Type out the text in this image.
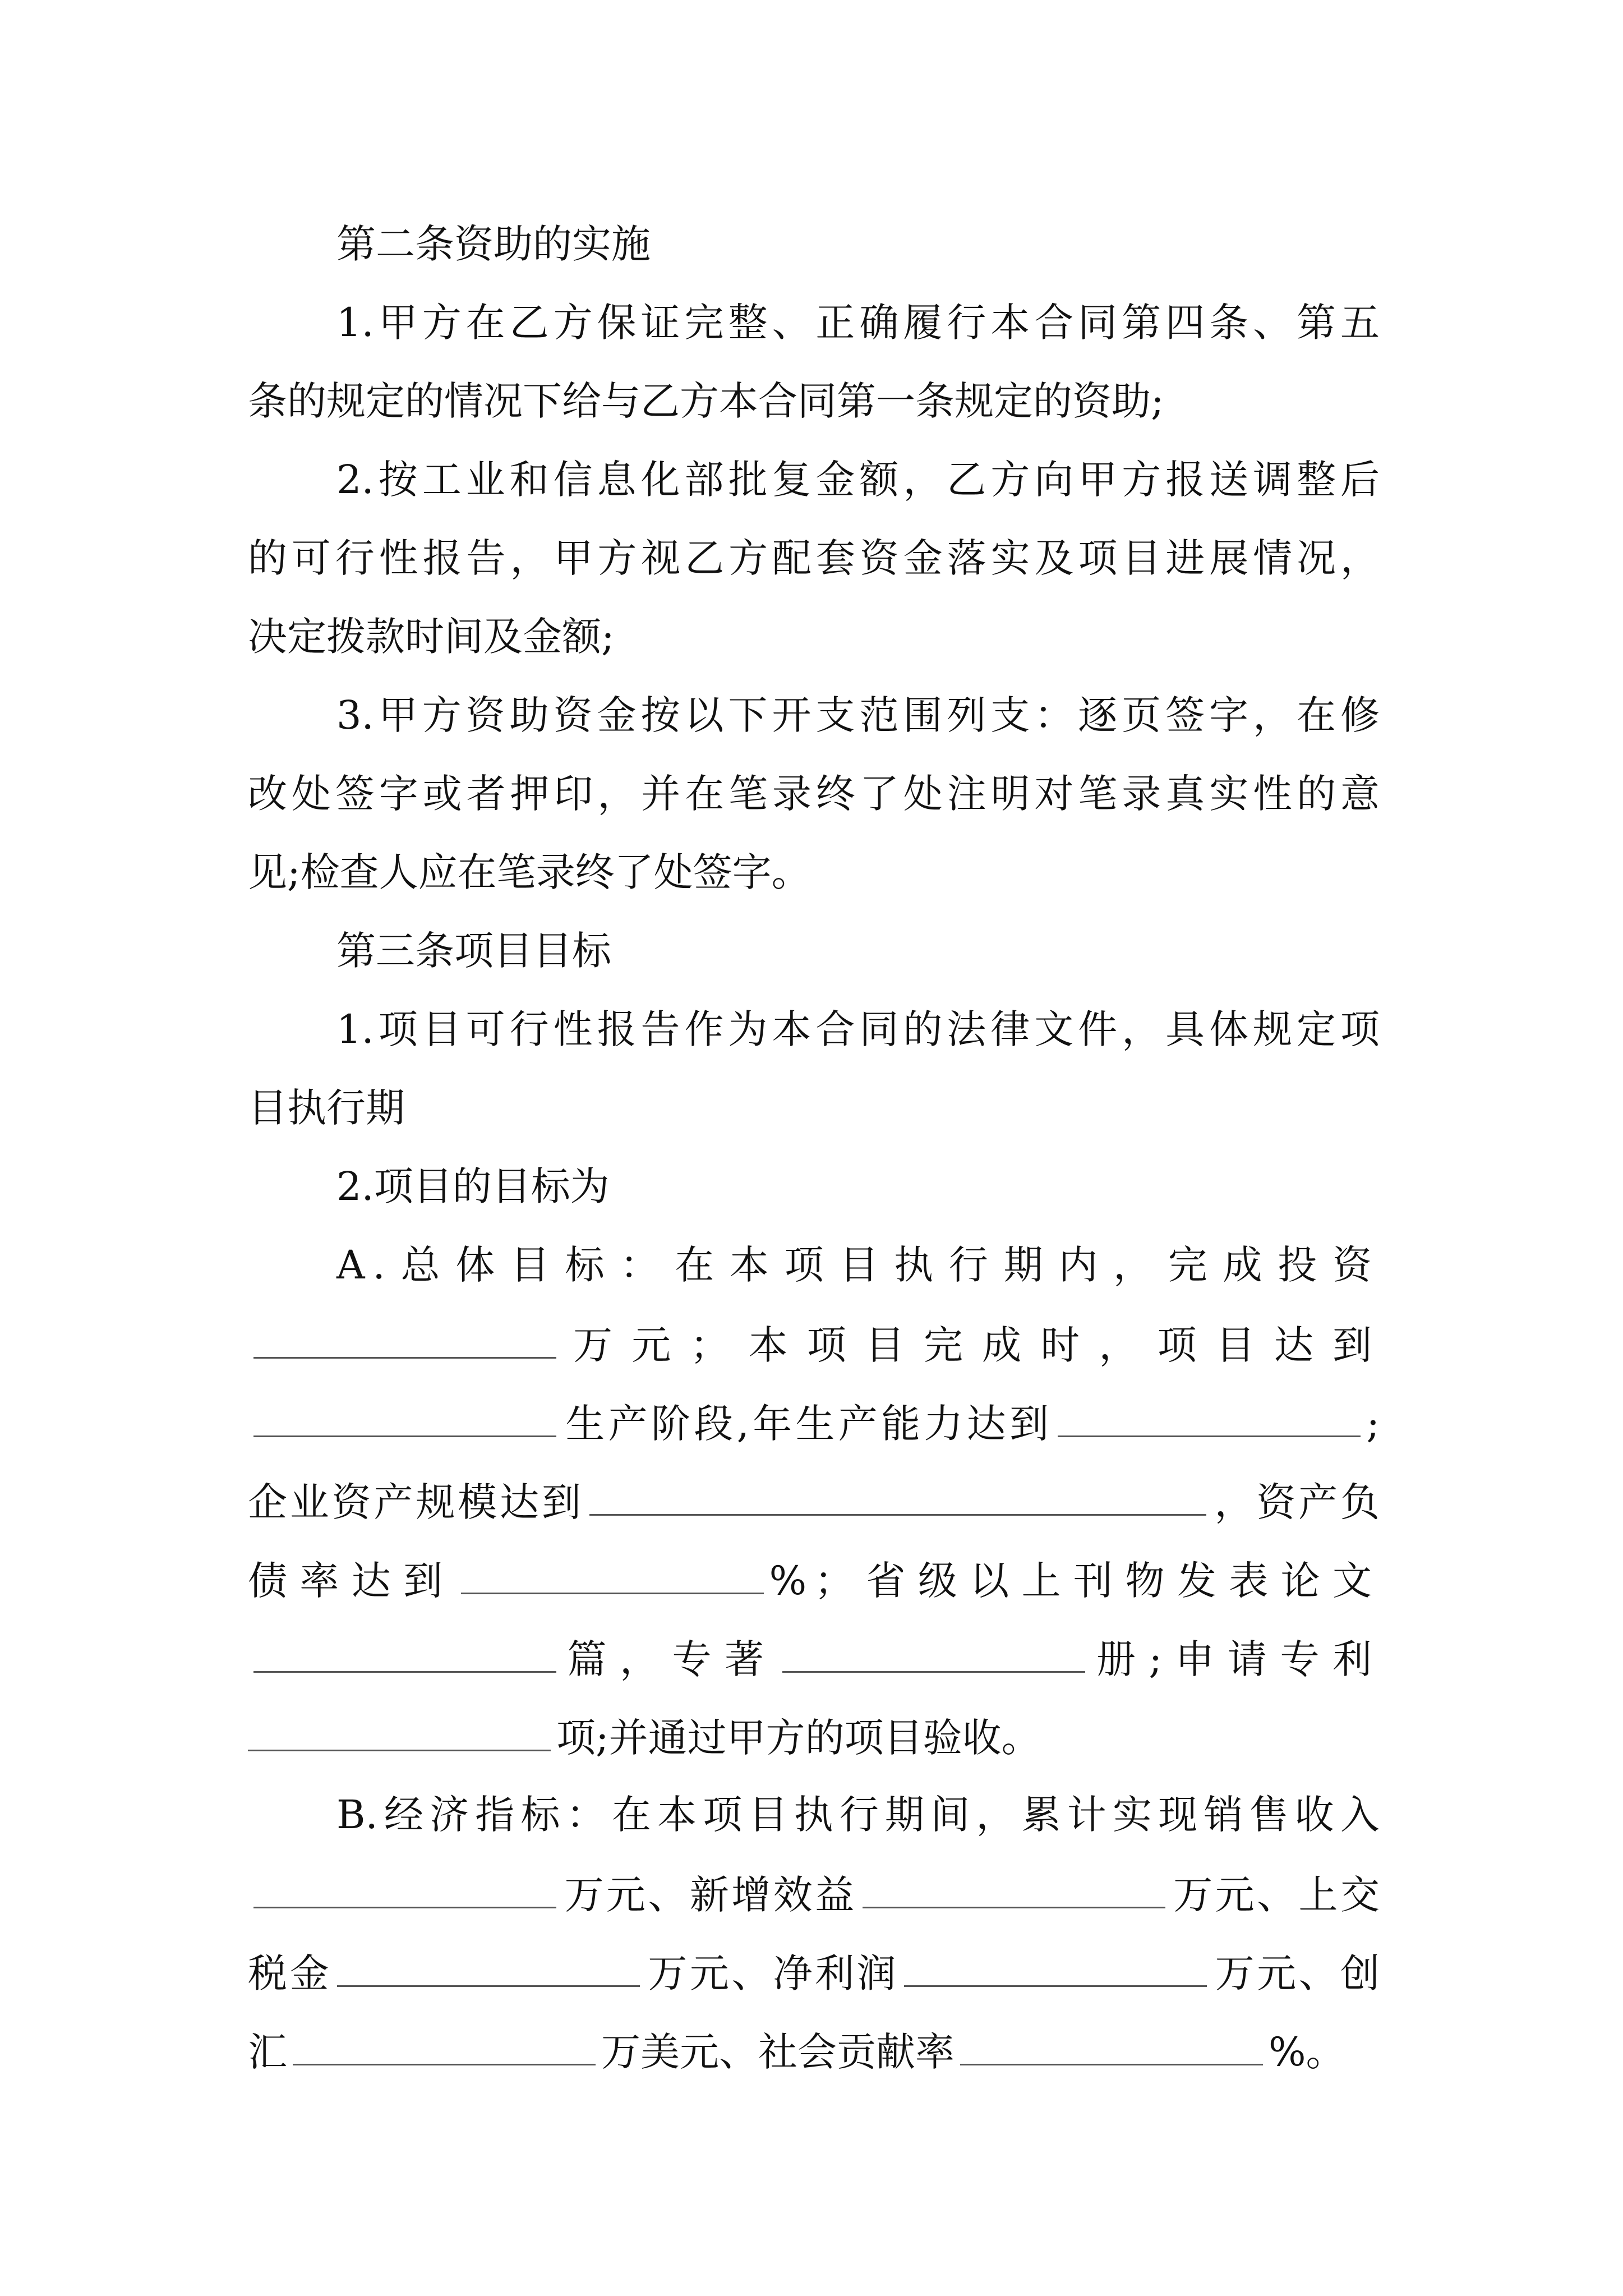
第二条资助的实施
1.甲方在乙方保证完整、正确履行本合同第四条、第五
条的规定的情况下给与乙方本合同第一条规定的资助;
2.按工业和信息化部批复金额，乙方向甲方报送调整后
的可行性报告，甲方视乙方配套资金落实及项目进展情况，
决定拨款时间及金额;
3.甲方资助资金按以下开支范围列支：逐页签字，在修
改处签字或者押印，并在笔录终了处注明对笔录真实性的意
见;检查人应在笔录终了处签字。
第三条项目目标
1.项目可行性报告作为本合同的法律文件，具体规定项
目执行期
2.项目的目标为
A.总体目标：在本项目执行期内，完成投资
万元；本项目完成时，项目达到
生产阶段,年生产能力达到	;
企业资产规模达到	，资产负
债率达到	%；省级以上刊物发表论文
篇，专著	册;申请专利
项;并通过甲方的项目验收。
B.经济指标：在本项目执行期间，累计实现销售收入
万元、新增效益	万元、上交
税金	万元、净利润	万元、创
汇	万美元、社会贡献率	%。
